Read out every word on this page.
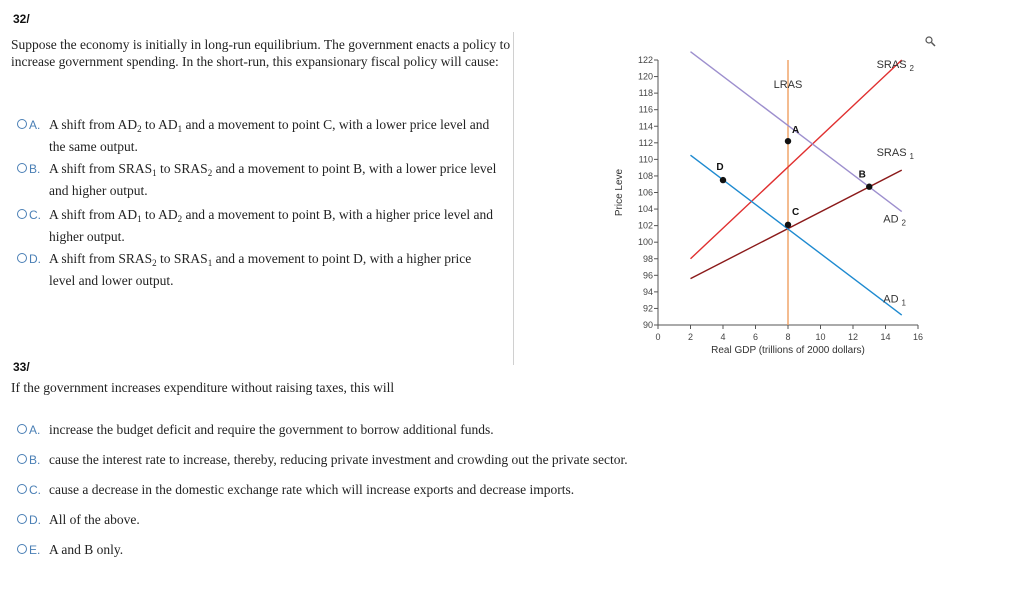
32/
Suppose the economy is initially in long-run equilibrium. The government enacts a policy to increase government spending. In the short-run, this expansionary fiscal policy will cause:
A. A shift from $AD_2$ to $AD_1$ and a movement to point C, with a lower price level and the same output.
B. A shift from $SRAS_1$ to $SRAS_2$ and a movement to point B, with a lower price level and higher output.
C. A shift from $AD_1$ to $AD_2$ and a movement to point B, with a higher price level and higher output.
D. A shift from $SRAS_2$ to $SRAS_1$ and a movement to point D, with a higher price level and lower output.
90
92
94
96
98
100
102
104
106
108
110
112
114
116
118
120
122
0	2	4	6	8	10 12 14 16
Real GDP (trillions of 2000 dollars)
Price Leve
LRAS
SRAS $_2$
SRAS $_1$
AD $_2$
AD $_1$
A
B
C
D
33/
If the government increases expenditure without raising taxes, this will
A. increase the budget deficit and require the government to borrow additional funds.
B. cause the interest rate to increase, thereby, reducing private investment and crowding out the private sector.
C. cause a decrease in the domestic exchange rate which will increase exports and decrease imports.
D. All of the above.
E. A and B only.
